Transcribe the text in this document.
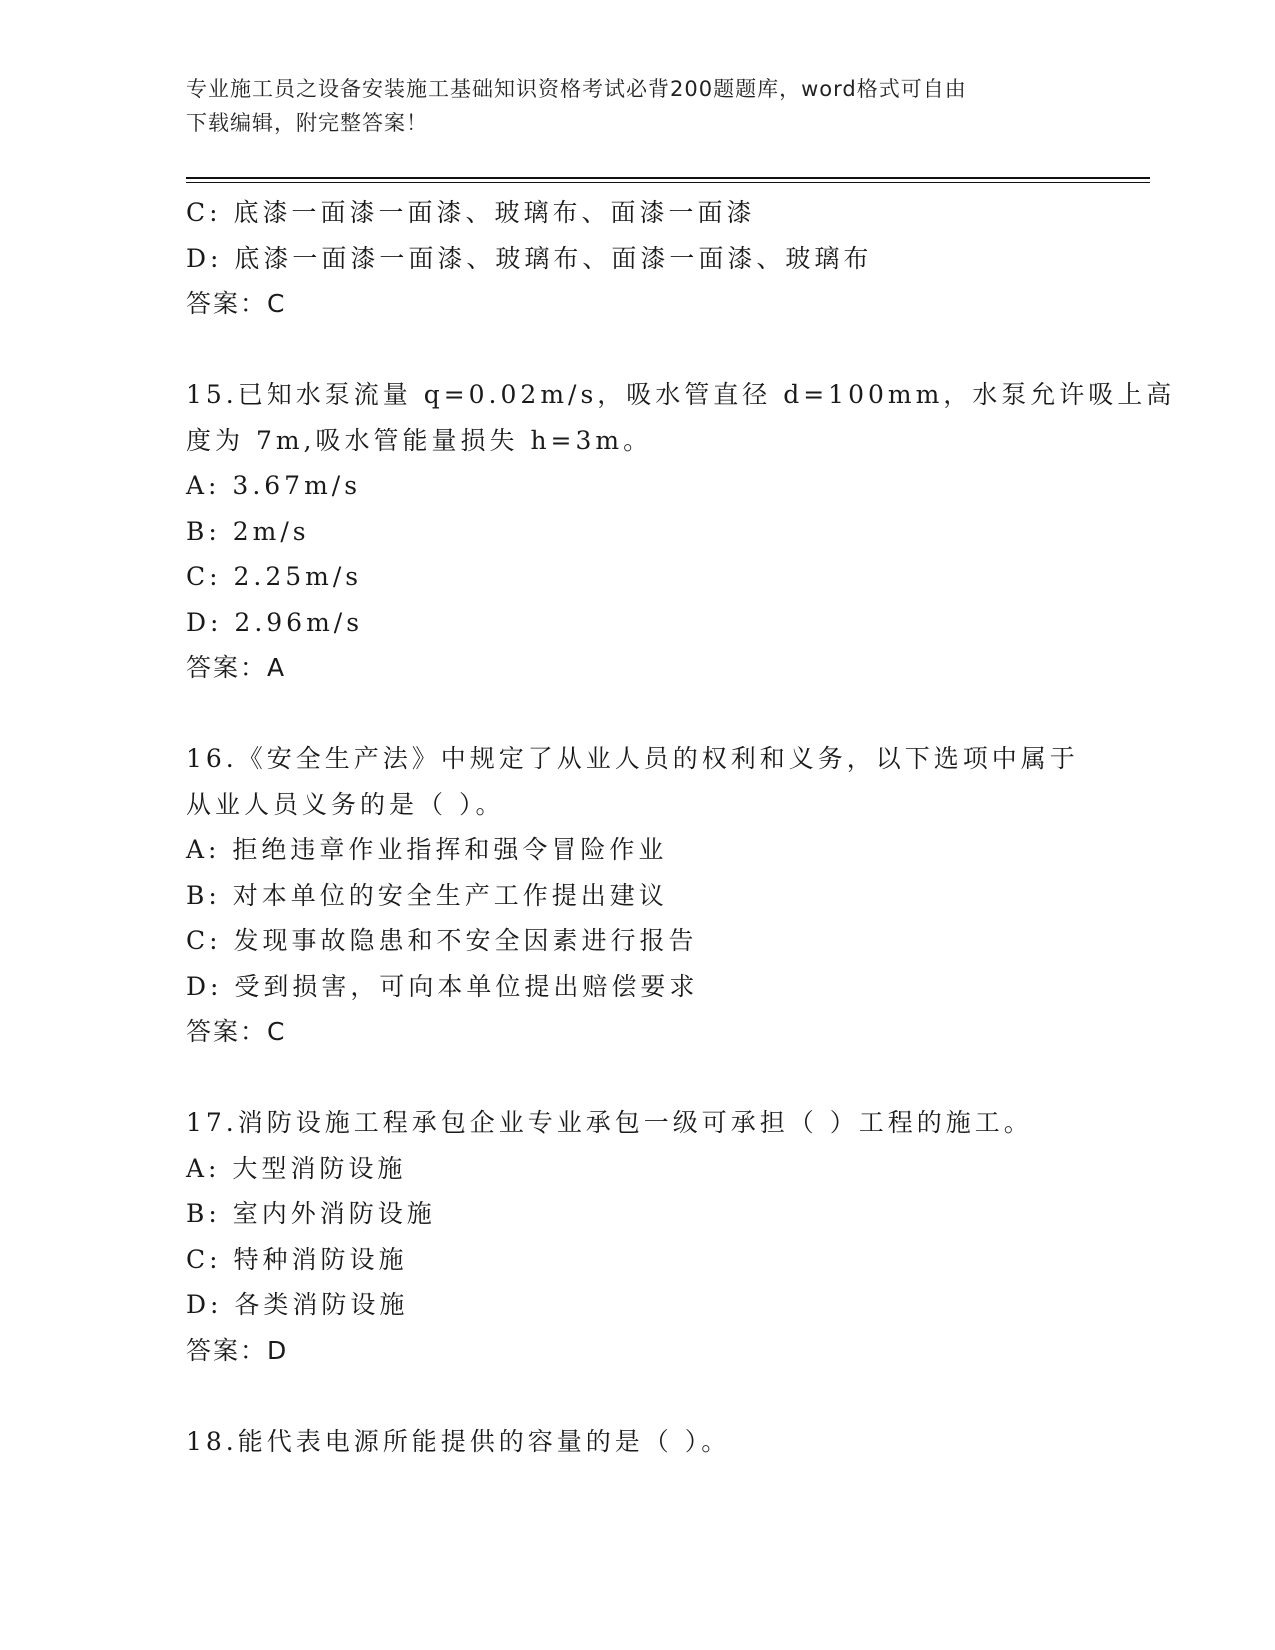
专业施工员之设备安装施工基础知识资格考试必背200题题库，word格式可自由
下载编辑，附完整答案！
C: 底漆一面漆一面漆、玻璃布、面漆一面漆
D: 底漆一面漆一面漆、玻璃布、面漆一面漆、玻璃布
答案：C
15.已知水泵流量 q=0.02m/s，吸水管直径 d=100mm，水泵允许吸上高
度为 7m,吸水管能量损失 h=3m。
A: 3.67m/s
B: 2m/s
C: 2.25m/s
D: 2.96m/s
答案：A
16.《安全生产法》中规定了从业人员的权利和义务，以下选项中属于
从业人员义务的是（ ）。
A: 拒绝违章作业指挥和强令冒险作业
B: 对本单位的安全生产工作提出建议
C: 发现事故隐患和不安全因素进行报告
D: 受到损害，可向本单位提出赔偿要求
答案：C
17.消防设施工程承包企业专业承包一级可承担（ ）工程的施工。
A: 大型消防设施
B: 室内外消防设施
C: 特种消防设施
D: 各类消防设施
答案：D
18.能代表电源所能提供的容量的是（ ）。
